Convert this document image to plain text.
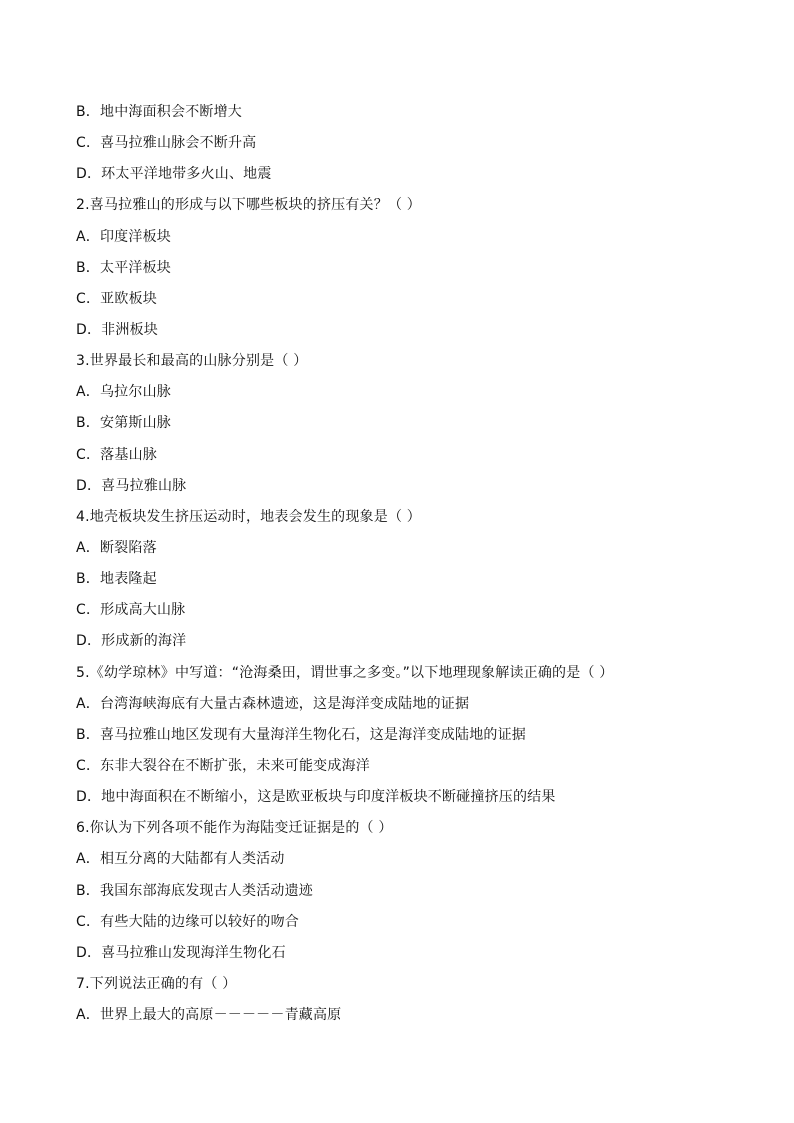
B．地中海面积会不断增大
C．喜马拉雅山脉会不断升高
D．环太平洋地带多火山、地震
2.喜马拉雅山的形成与以下哪些板块的挤压有关？（ ）
A．印度洋板块
B．太平洋板块
C．亚欧板块
D．非洲板块
3.世界最长和最高的山脉分别是（ ）
A．乌拉尔山脉
B．安第斯山脉
C．落基山脉
D．喜马拉雅山脉
4.地壳板块发生挤压运动时，地表会发生的现象是（ ）
A．断裂陷落
B．地表隆起
C．形成高大山脉
D．形成新的海洋
5.《幼学琼林》中写道：“沧海桑田，谓世事之多变。”以下地理现象解读正确的是（ ）
A．台湾海峡海底有大量古森林遗迹，这是海洋变成陆地的证据
B．喜马拉雅山地区发现有大量海洋生物化石，这是海洋变成陆地的证据
C．东非大裂谷在不断扩张，未来可能变成海洋
D．地中海面积在不断缩小，这是欧亚板块与印度洋板块不断碰撞挤压的结果
6.你认为下列各项不能作为海陆变迁证据是的（ ）
A．相互分离的大陆都有人类活动
B．我国东部海底发现古人类活动遗迹
C．有些大陆的边缘可以较好的吻合
D．喜马拉雅山发现海洋生物化石
7.下列说法正确的有（ ）
A．世界上最大的高原－－－－－青藏高原
